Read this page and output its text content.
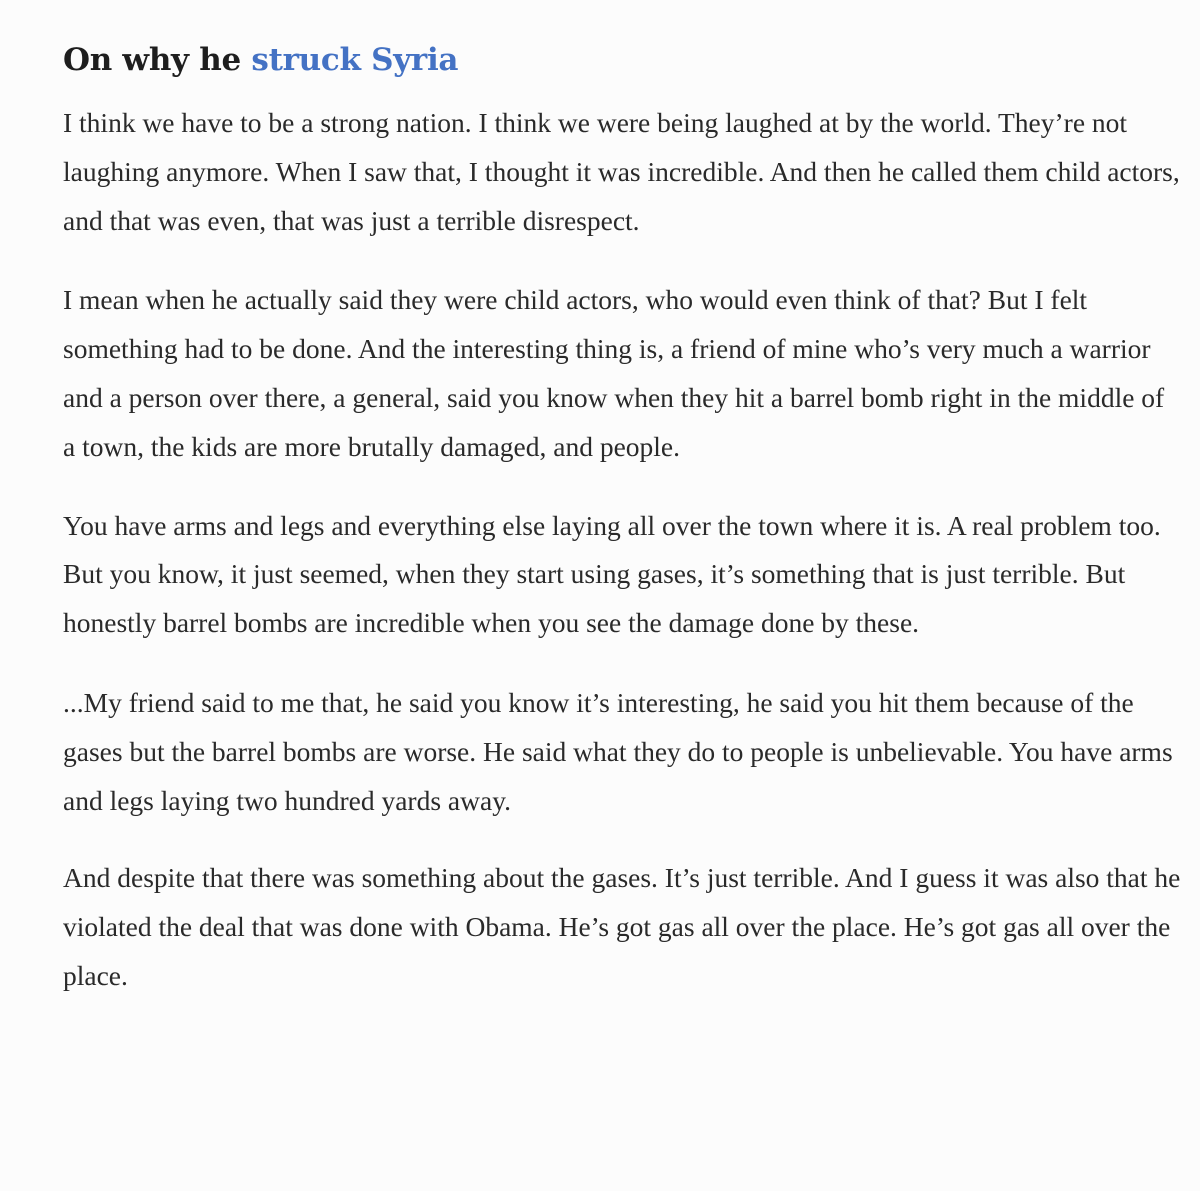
On why he struck Syria

I think we have to be a strong nation. I think we were being laughed at by the world. They’re not laughing anymore. When I saw that, I thought it was incredible. And then he called them child actors, and that was even, that was just a terrible disrespect.

I mean when he actually said they were child actors, who would even think of that? But I felt something had to be done. And the interesting thing is, a friend of mine who’s very much a warrior and a person over there, a general, said you know when they hit a barrel bomb right in the middle of a town, the kids are more brutally damaged, and people.

You have arms and legs and everything else laying all over the town where it is. A real problem too. But you know, it just seemed, when they start using gases, it’s something that is just terrible. But honestly barrel bombs are incredible when you see the damage done by these.

...My friend said to me that, he said you know it’s interesting, he said you hit them because of the gases but the barrel bombs are worse. He said what they do to people is unbelievable. You have arms and legs laying two hundred yards away.

And despite that there was something about the gases. It’s just terrible. And I guess it was also that he violated the deal that was done with Obama. He’s got gas all over the place. He’s got gas all over the place.
